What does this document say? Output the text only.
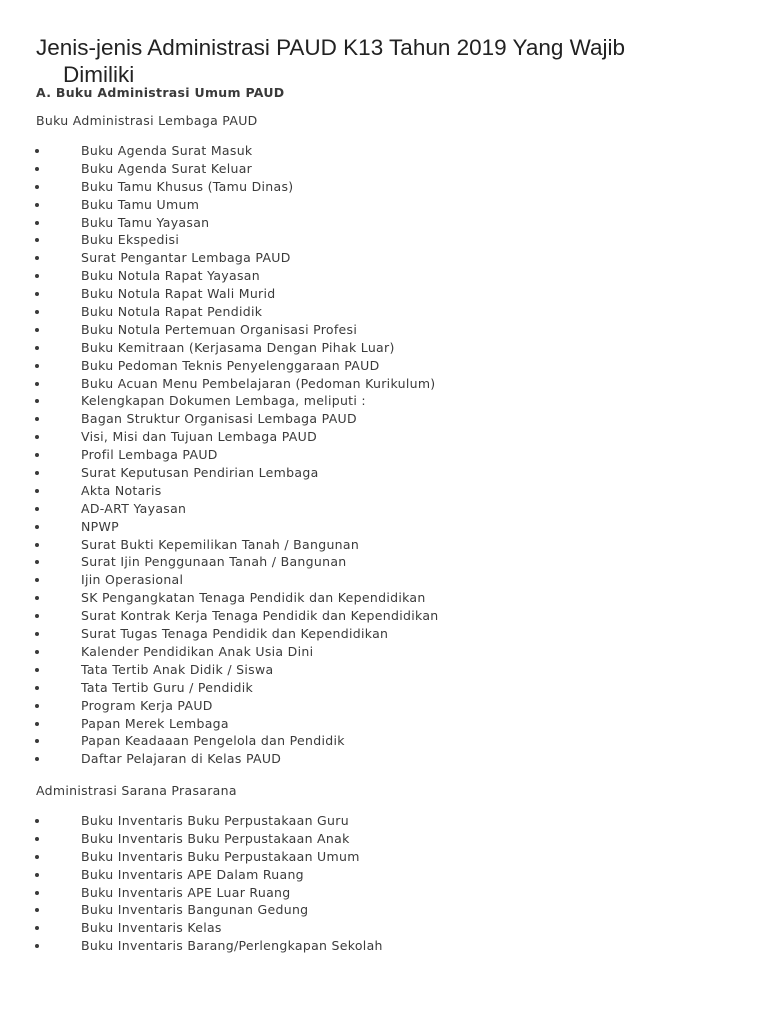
Jenis-jenis Administrasi PAUD K13 Tahun 2019 Yang Wajib
Dimiliki
A. Buku Administrasi Umum PAUD

Buku Administrasi Lembaga PAUD

Buku Agenda Surat Masuk
Buku Agenda Surat Keluar
Buku Tamu Khusus (Tamu Dinas)
Buku Tamu Umum
Buku Tamu Yayasan
Buku Ekspedisi
Surat Pengantar Lembaga PAUD
Buku Notula Rapat Yayasan
Buku Notula Rapat Wali Murid
Buku Notula Rapat Pendidik
Buku Notula Pertemuan Organisasi Profesi
Buku Kemitraan (Kerjasama Dengan Pihak Luar)
Buku Pedoman Teknis Penyelenggaraan PAUD
Buku Acuan Menu Pembelajaran (Pedoman Kurikulum)
Kelengkapan Dokumen Lembaga, meliputi :
Bagan Struktur Organisasi Lembaga PAUD
Visi, Misi dan Tujuan Lembaga PAUD
Profil Lembaga PAUD
Surat Keputusan Pendirian Lembaga
Akta Notaris
AD-ART Yayasan
NPWP
Surat Bukti Kepemilikan Tanah / Bangunan
Surat Ijin Penggunaan Tanah / Bangunan
Ijin Operasional
SK Pengangkatan Tenaga Pendidik dan Kependidikan
Surat Kontrak Kerja Tenaga Pendidik dan Kependidikan
Surat Tugas Tenaga Pendidik dan Kependidikan
Kalender Pendidikan Anak Usia Dini
Tata Tertib Anak Didik / Siswa
Tata Tertib Guru / Pendidik
Program Kerja PAUD
Papan Merek Lembaga
Papan Keadaaan Pengelola dan Pendidik
Daftar Pelajaran di Kelas PAUD

Administrasi Sarana Prasarana

Buku Inventaris Buku Perpustakaan Guru
Buku Inventaris Buku Perpustakaan Anak
Buku Inventaris Buku Perpustakaan Umum
Buku Inventaris APE Dalam Ruang
Buku Inventaris APE Luar Ruang
Buku Inventaris Bangunan Gedung
Buku Inventaris Kelas
Buku Inventaris Barang/Perlengkapan Sekolah
